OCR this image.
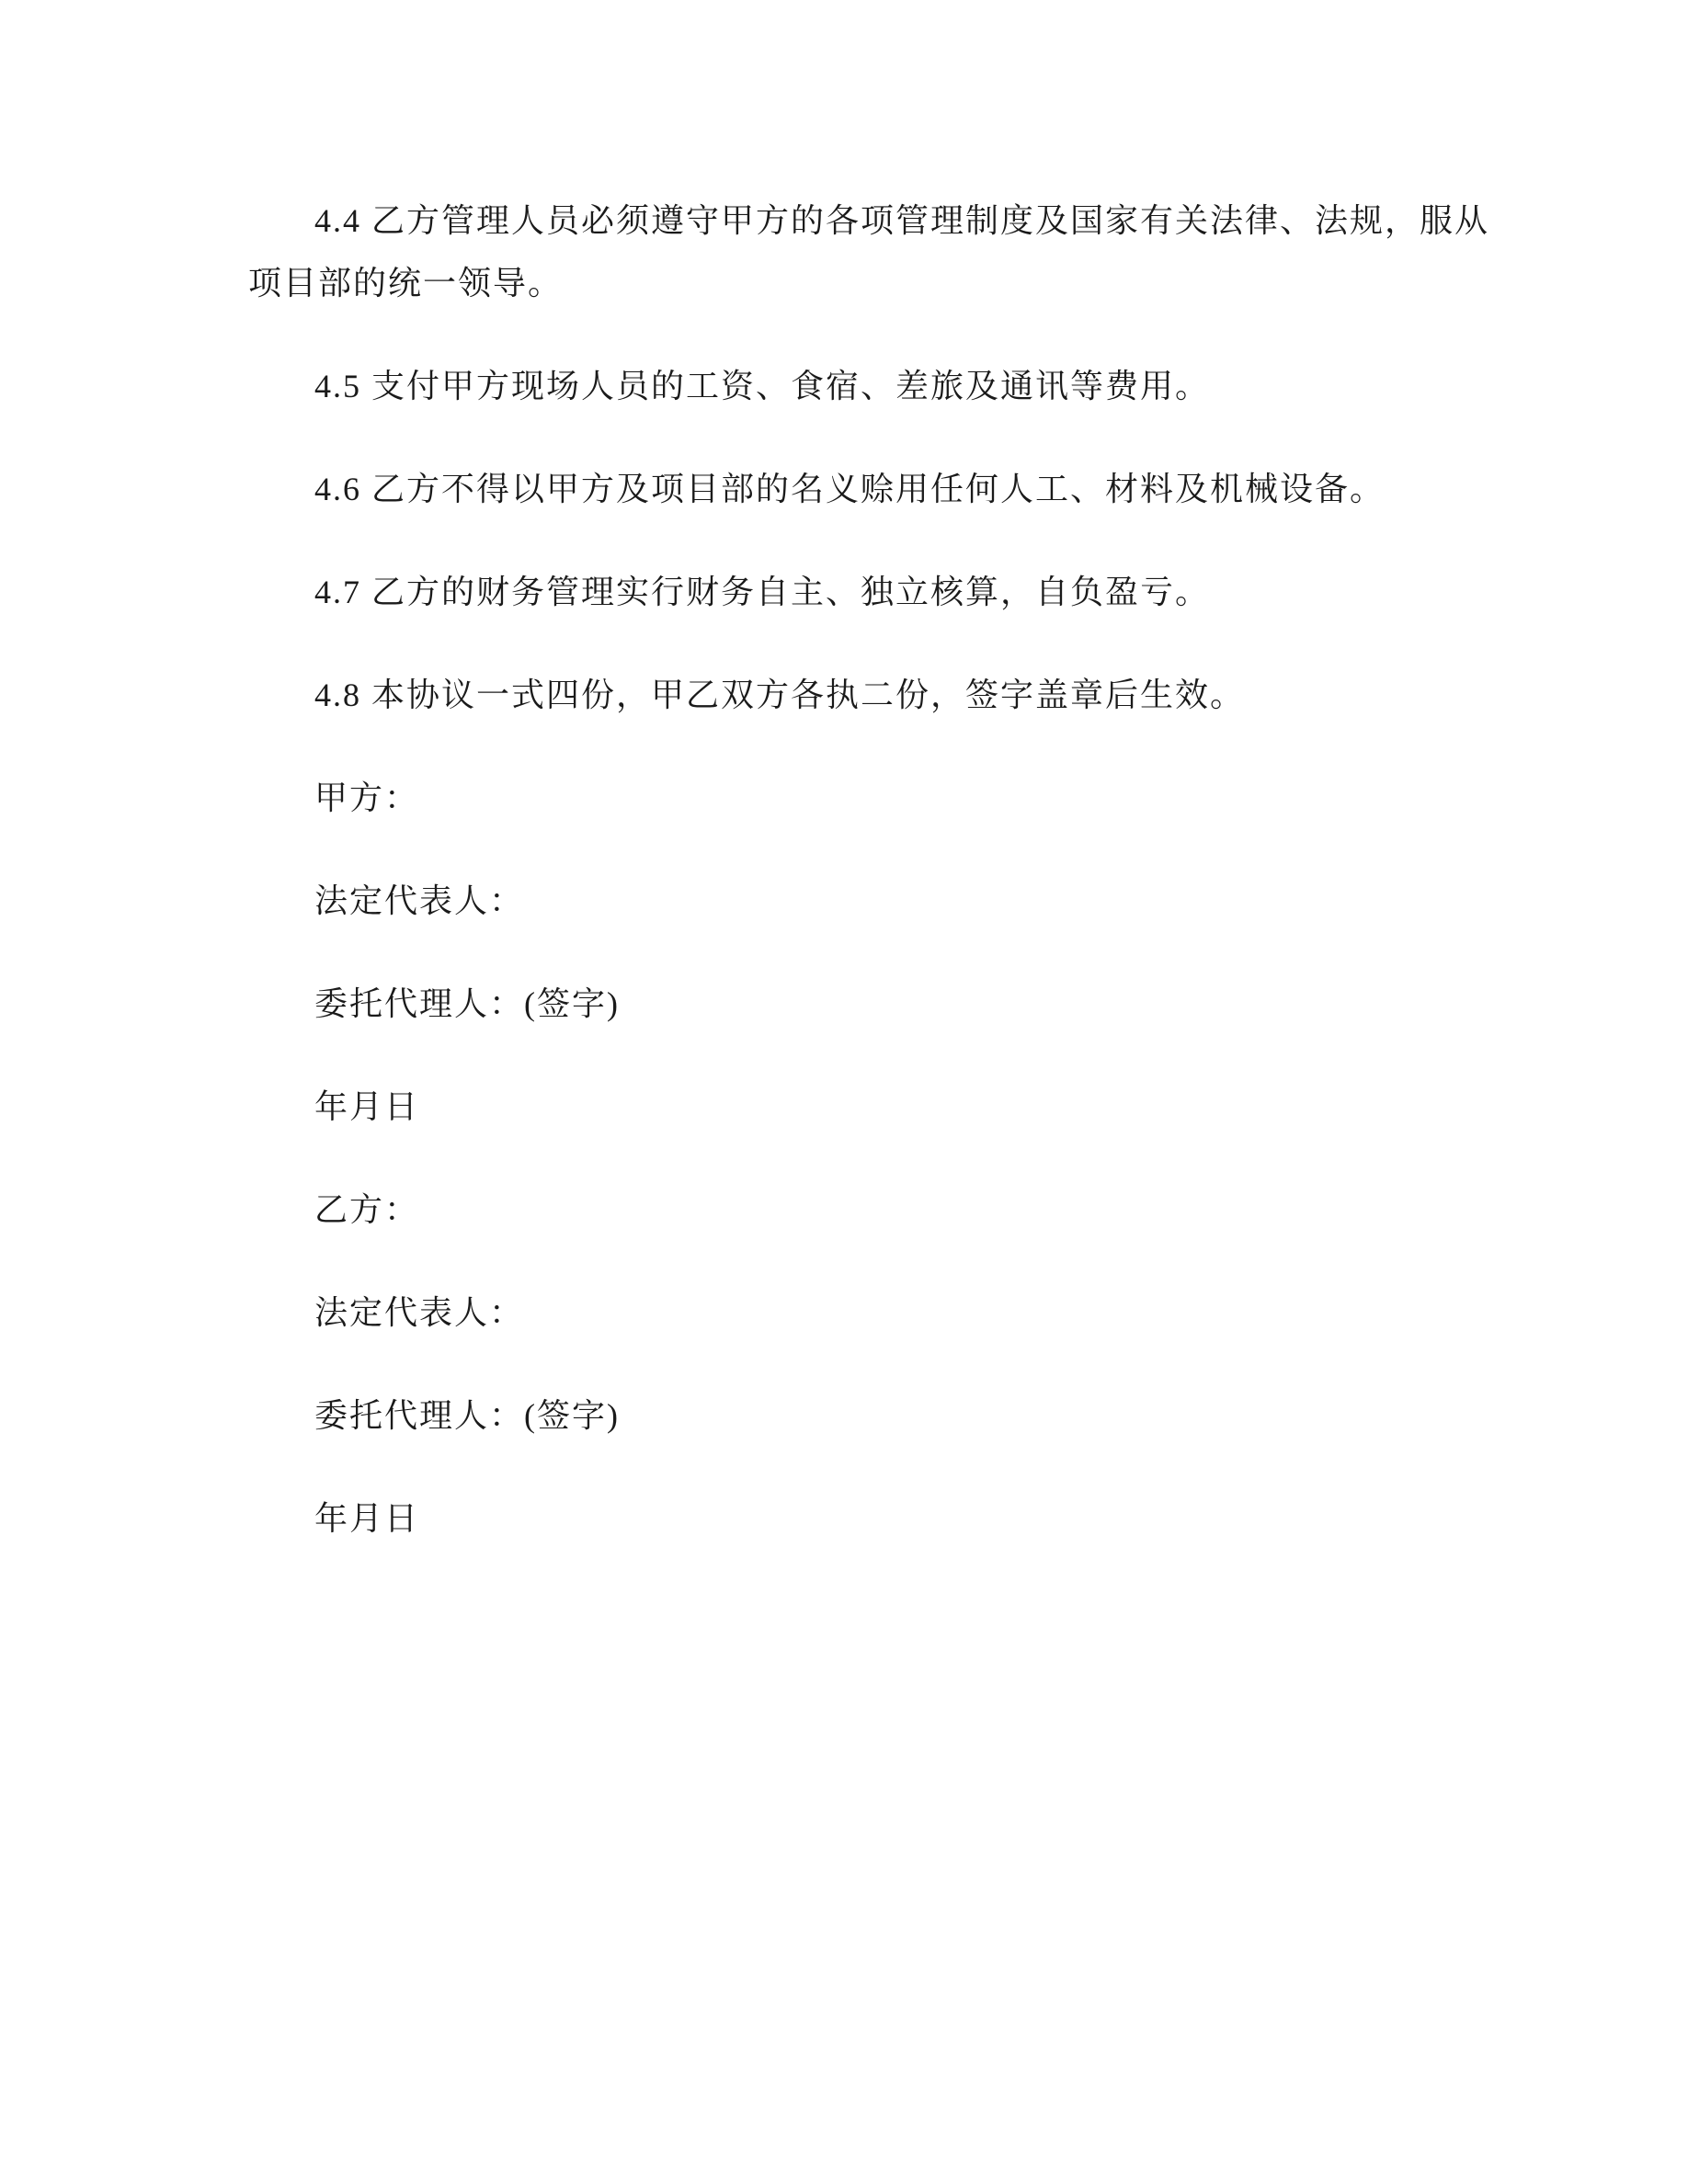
4.4 乙方管理人员必须遵守甲方的各项管理制度及国家有关法律、法规，服从
项目部的统一领导。
4.5 支付甲方现场人员的工资、食宿、差旅及通讯等费用。
4.6 乙方不得以甲方及项目部的名义赊用任何人工、材料及机械设备。
4.7 乙方的财务管理实行财务自主、独立核算，自负盈亏。
4.8 本协议一式四份，甲乙双方各执二份，签字盖章后生效。
甲方：
法定代表人：
委托代理人：(签字)
年月日
乙方：
法定代表人：
委托代理人：(签字)
年月日
